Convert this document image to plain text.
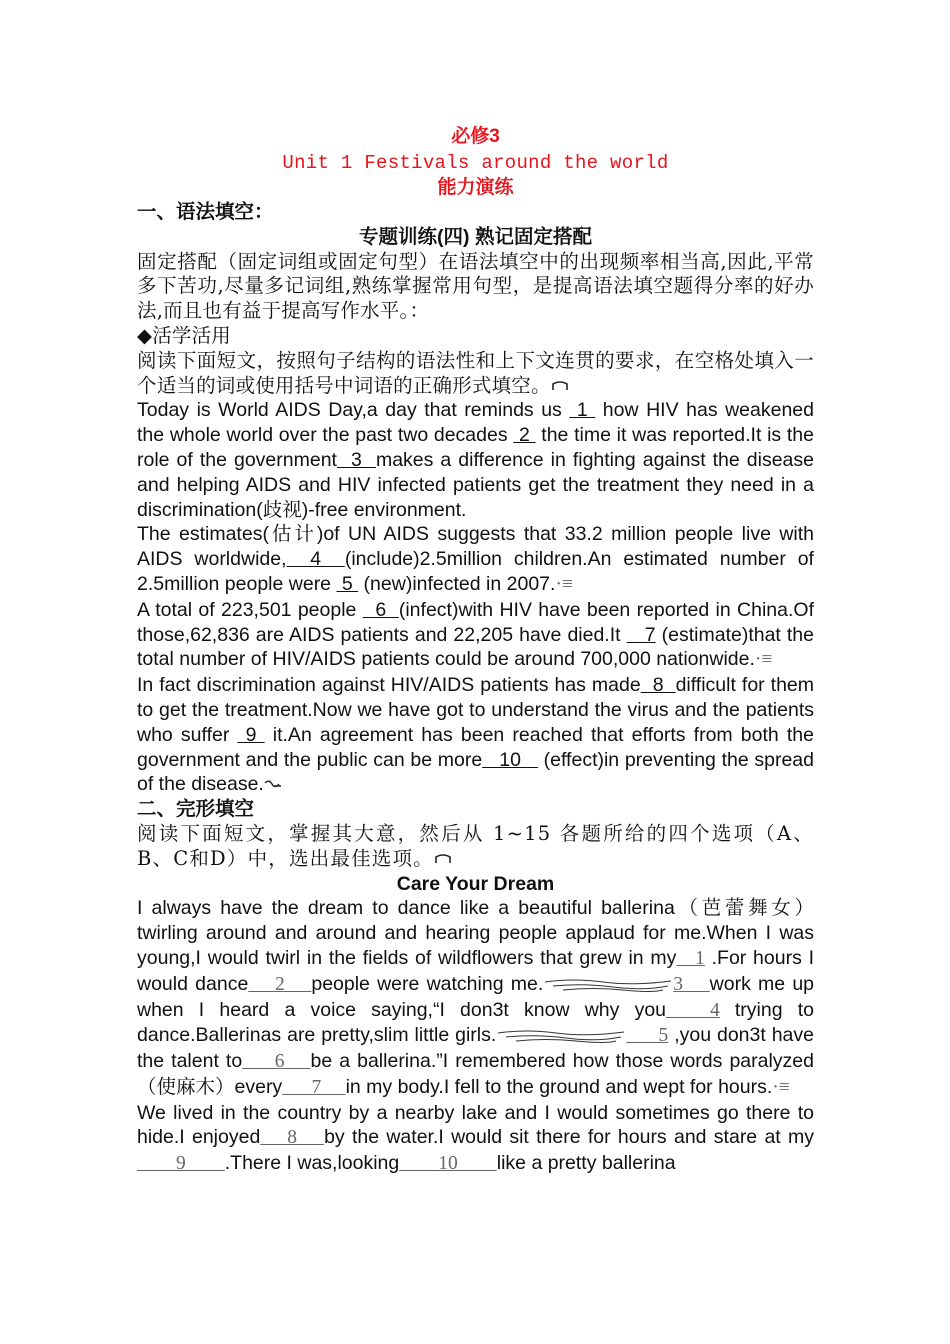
必修3
Unit 1 Festivals around the world
能力演练
一、语法填空：
专题训练(四) 熟记固定搭配

固定搭配（固定词组或固定句型）在语法填空中的出现频率相当高,因此,平常多下苦功,尽量多记词组,熟练掌握常用句型，是提高语法填空题得分率的好办法,而且也有益于提高写作水平。：

◆活学活用

阅读下面短文，按照句子结构的语法性和上下文连贯的要求，在空格处填入一个适当的词或使用括号中词语的正确形式填空。

Today is World AIDS Day,a day that reminds us  1  how HIV has weakened the whole world over the past two decades  2  the time it was reported.It is the role of the government  3  makes a difference in fighting against the disease and helping AIDS and HIV infected patients get the treatment they need in a discrimination(歧视)-free environment.

The estimates(估计)of UN AIDS suggests that 33.2 million people live with AIDS worldwide,  4  (include)2.5million children.An estimated number of 2.5million people were  5  (new)infected in 2007.·≡

A total of 223,501 people   6  (infect)with HIV have been reported in China.Of those,62,836 are AIDS patients and 22,205 have died.It    7 (estimate)that the total number of HIV/AIDS patients could be around 700,000 nationwide.·≡

In fact discrimination against HIV/AIDS patients has made  8  difficult for them to get the treatment.Now we have got to understand the virus and the patients who suffer  9  it.An agreement has been reached that efforts from both the government and the public can be more   10    (effect)in preventing the spread of the disease.

二、完形填空

阅读下面短文，掌握其大意，然后从 1~15 各题所给的四个选项（A、B、C和D）中，选出最佳选项。

Care Your Dream

I always have the dream to dance like a beautiful ballerina（芭蕾舞女）twirling around and around and hearing people applaud for me.When I was young,I would twirl in the fields of wildflowers that grew in my   1 .For hours I would dance    2    people were watching me.	3    work me up when I heard a voice saying,“I don3t know why you   4 trying to dance.Ballerinas are pretty,slim little girls.	5 ,you don3t have the talent to     6    be a ballerina.”I remembered how those words paralyzed（使麻木）every      7     in my body.I fell to the ground and wept for hours.·≡

We lived in the country by a nearby lake and I would sometimes go there to hide.I enjoyed    8    by the water.I would sit there for hours and stare at my        9        .There I was,looking        10        like a pretty ballerina
